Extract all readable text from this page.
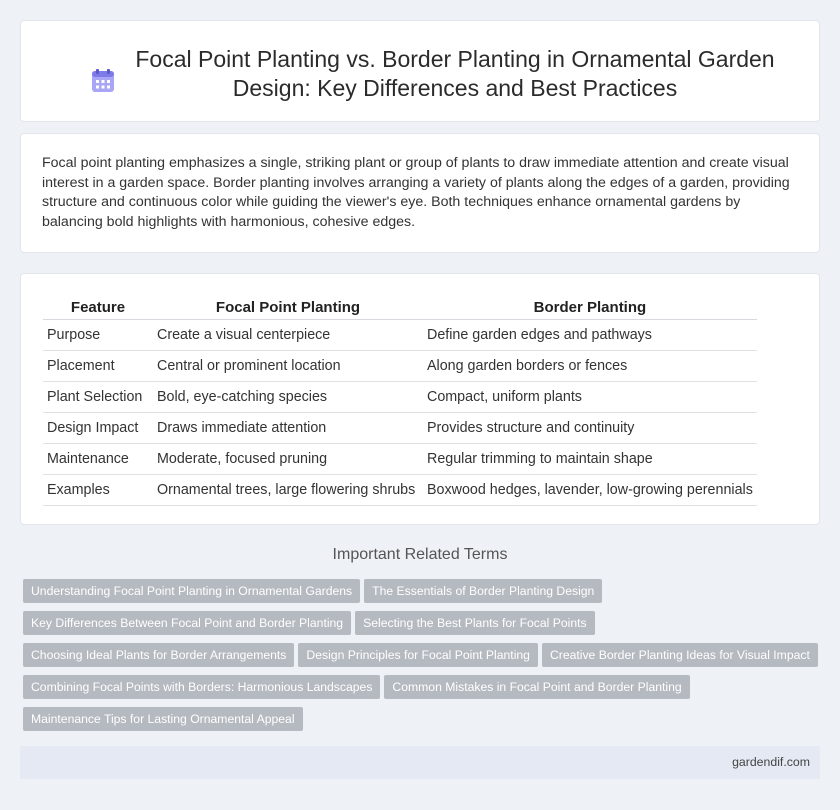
Focal Point Planting vs. Border Planting in Ornamental Garden Design: Key Differences and Best Practices
Focal point planting emphasizes a single, striking plant or group of plants to draw immediate attention and create visual interest in a garden space. Border planting involves arranging a variety of plants along the edges of a garden, providing structure and continuous color while guiding the viewer's eye. Both techniques enhance ornamental gardens by balancing bold highlights with harmonious, cohesive edges.
Feature	Focal Point Planting	Border Planting
Purpose	Create a visual centerpiece	Define garden edges and pathways
Placement	Central or prominent location	Along garden borders or fences
Plant Selection	Bold, eye-catching species	Compact, uniform plants
Design Impact	Draws immediate attention	Provides structure and continuity
Maintenance	Moderate, focused pruning	Regular trimming to maintain shape
Examples	Ornamental trees, large flowering shrubs	Boxwood hedges, lavender, low-growing perennials
Important Related Terms
Understanding Focal Point Planting in Ornamental Gardens The Essentials of Border Planting Design
Key Differences Between Focal Point and Border Planting Selecting the Best Plants for Focal Points
Choosing Ideal Plants for Border Arrangements Design Principles for Focal Point Planting Creative Border Planting Ideas for Visual Impact
Combining Focal Points with Borders: Harmonious Landscapes Common Mistakes in Focal Point and Border Planting
Maintenance Tips for Lasting Ornamental Appeal
gardendif.com
